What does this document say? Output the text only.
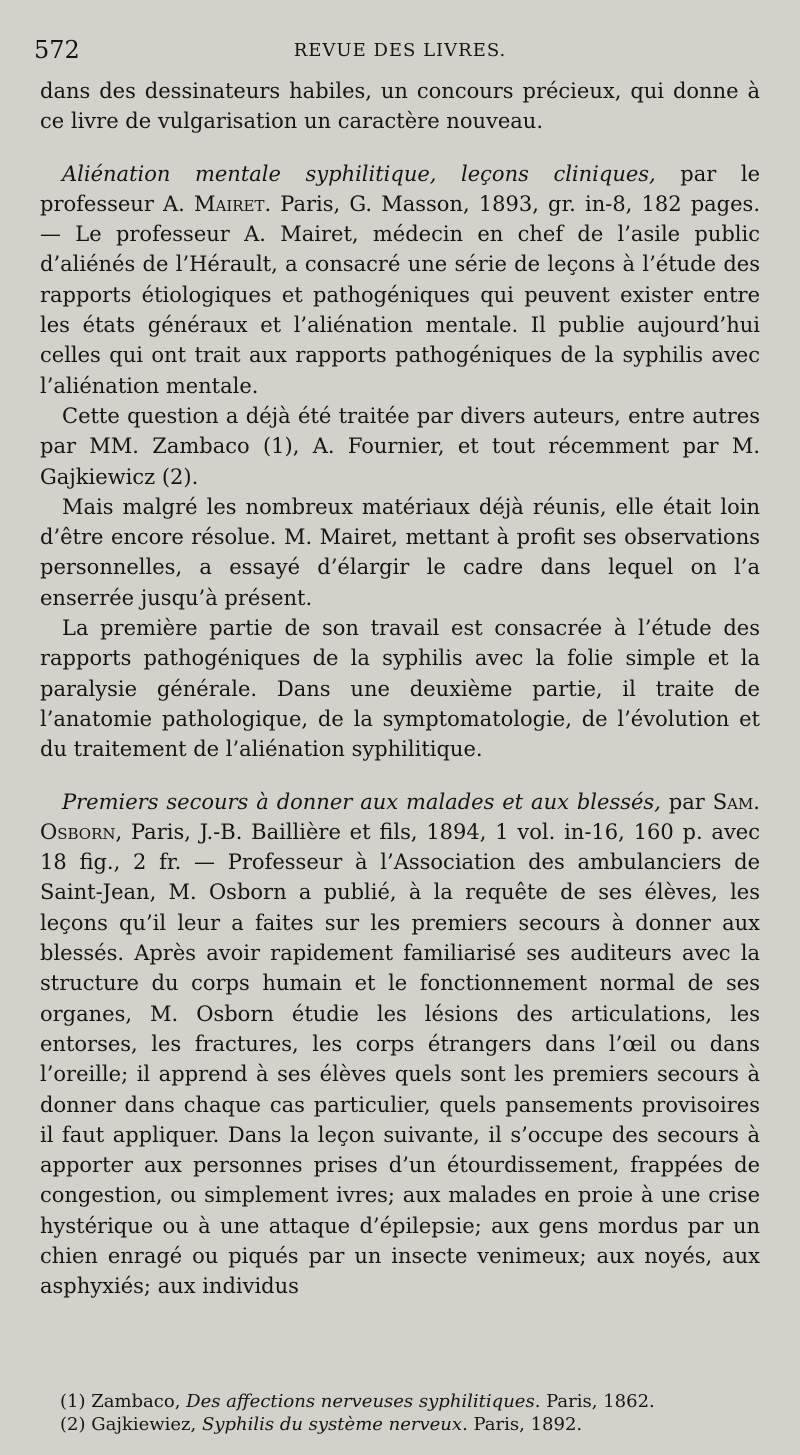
572	REVUE DES LIVRES.

dans des dessinateurs habiles, un concours précieux, qui donne à ce livre de vulgarisation un caractère nouveau.

Aliénation mentale syphilitique, leçons cliniques, par le professeur A. Mairet. Paris, G. Masson, 1893, gr. in-8, 182 pages. — Le professeur A. Mairet, médecin en chef de l’asile public d’aliénés de l’Hérault, a consacré une série de leçons à l’étude des rapports étiologiques et pathogéniques qui peuvent exister entre les états généraux et l’aliénation mentale. Il publie aujourd’hui celles qui ont trait aux rapports pathogéniques de la syphilis avec l’aliénation mentale.

Cette question a déjà été traitée par divers auteurs, entre autres par MM. Zambaco (1), A. Fournier, et tout récemment par M. Gajkiewicz (2).

Mais malgré les nombreux matériaux déjà réunis, elle était loin d’être encore résolue. M. Mairet, mettant à profit ses observations personnelles, a essayé d’élargir le cadre dans lequel on l’a enserrée jusqu’à présent.

La première partie de son travail est consacrée à l’étude des rapports pathogéniques de la syphilis avec la folie simple et la paralysie générale. Dans une deuxième partie, il traite de l’anatomie pathologique, de la symptomatologie, de l’évolution et du traitement de l’aliénation syphilitique.

Premiers secours à donner aux malades et aux blessés, par Sam. Osborn, Paris, J.-B. Baillière et fils, 1894, 1 vol. in-16, 160 p. avec 18 fig., 2 fr. — Professeur à l’Association des ambulanciers de Saint-Jean, M. Osborn a publié, à la requête de ses élèves, les leçons qu’il leur a faites sur les premiers secours à donner aux blessés. Après avoir rapidement familiarisé ses auditeurs avec la structure du corps humain et le fonctionnement normal de ses organes, M. Osborn étudie les lésions des articulations, les entorses, les fractures, les corps étrangers dans l’œil ou dans l’oreille; il apprend à ses élèves quels sont les premiers secours à donner dans chaque cas particulier, quels pansements provisoires il faut appliquer. Dans la leçon suivante, il s’occupe des secours à apporter aux personnes prises d’un étourdissement, frappées de congestion, ou simplement ivres; aux malades en proie à une crise hystérique ou à une attaque d’épilepsie; aux gens mordus par un chien enragé ou piqués par un insecte venimeux; aux noyés, aux asphyxiés; aux individus

(1) Zambaco, Des affections nerveuses syphilitiques. Paris, 1862.

(2) Gajkiewiez, Syphilis du système nerveux. Paris, 1892.
